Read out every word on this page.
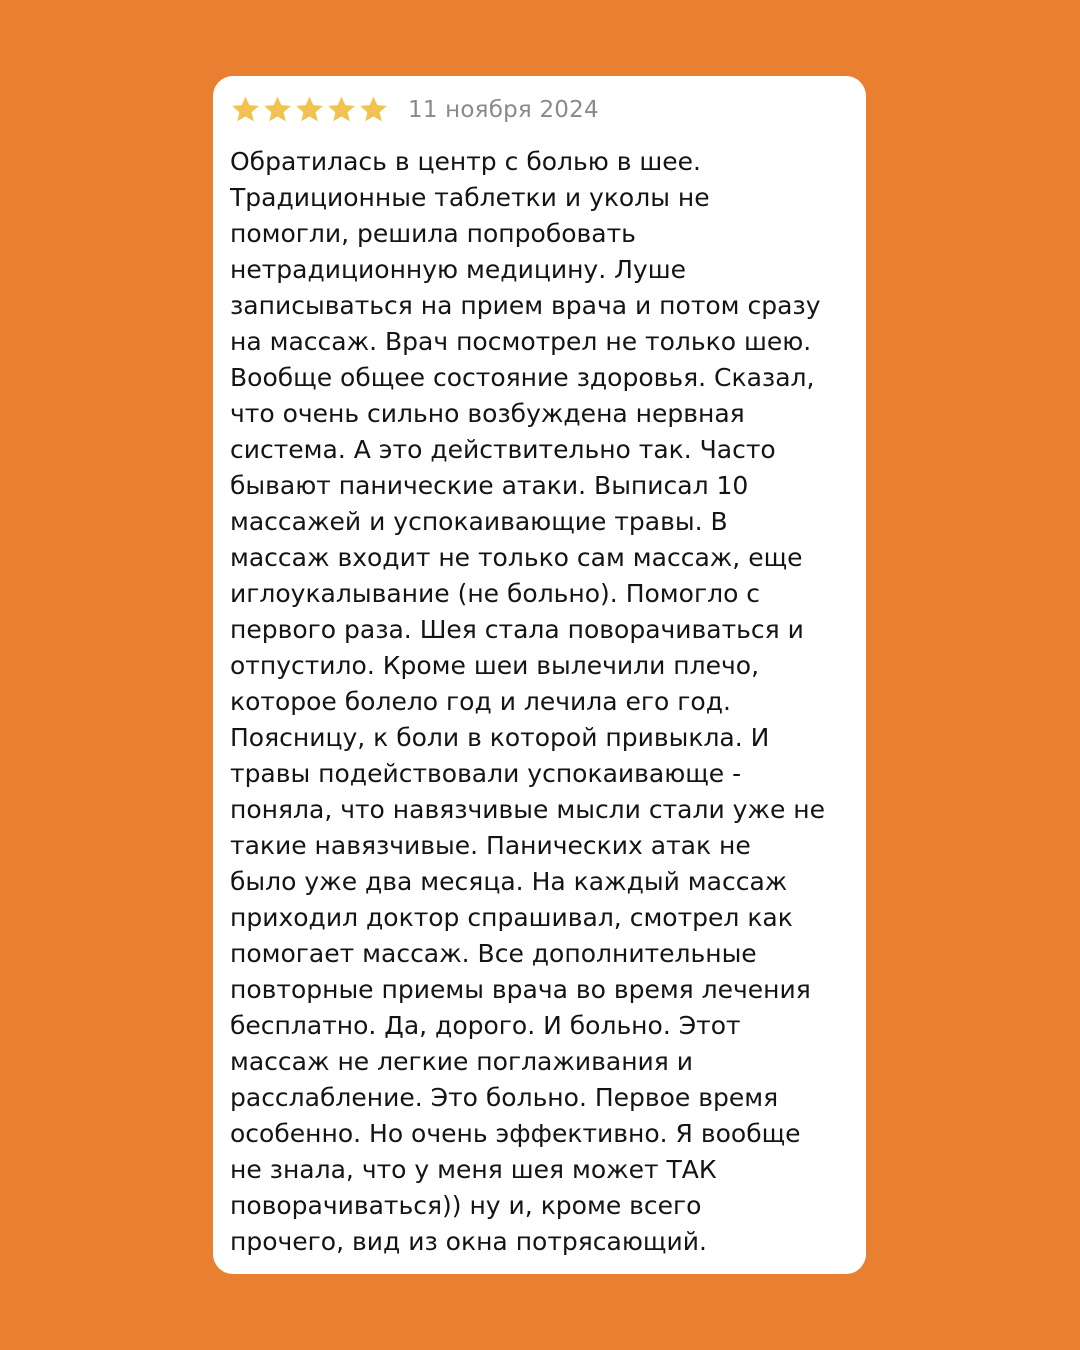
11 ноября 2024
Обратилась в центр с болью в шее.
Традиционные таблетки и уколы не
помогли, решила попробовать
нетрадиционную медицину. Луше
записываться на прием врача и потом сразу
на массаж. Врач посмотрел не только шею.
Вообще общее состояние здоровья. Сказал,
что очень сильно возбуждена нервная
система. А это действительно так. Часто
бывают панические атаки. Выписал 10
массажей и успокаивающие травы. В
массаж входит не только сам массаж, еще
иглоукалывание (не больно). Помогло с
первого раза. Шея стала поворачиваться и
отпустило. Кроме шеи вылечили плечо,
которое болело год и лечила его год.
Поясницу, к боли в которой привыкла. И
травы подействовали успокаивающе -
поняла, что навязчивые мысли стали уже не
такие навязчивые. Панических атак не
было уже два месяца. На каждый массаж
приходил доктор спрашивал, смотрел как
помогает массаж. Все дополнительные
повторные приемы врача во время лечения
бесплатно. Да, дорого. И больно. Этот
массаж не легкие поглаживания и
расслабление. Это больно. Первое время
особенно. Но очень эффективно. Я вообще
не знала, что у меня шея может ТАК
поворачиваться)) ну и, кроме всего
прочего, вид из окна потрясающий.
